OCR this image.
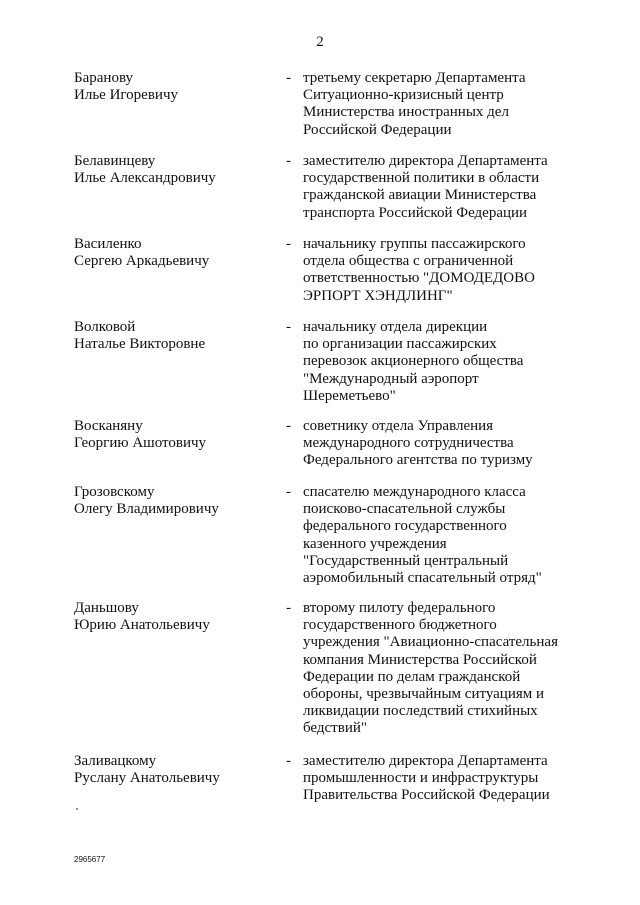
2
Баранову
Илье Игоревичу
- третьему секретарю Департамента
Ситуационно-кризисный центр
Министерства иностранных дел
Российской Федерации
Белавинцеву
Илье Александровичу
- заместителю директора Департамента
государственной политики в области
гражданской авиации Министерства
транспорта Российской Федерации
Василенко
Сергею Аркадьевичу
- начальнику группы пассажирского
отдела общества с ограниченной
ответственностью "ДОМОДЕДОВО
ЭРПОРТ ХЭНДЛИНГ"
Волковой
Наталье Викторовне
- начальнику отдела дирекции
по организации пассажирских
перевозок акционерного общества
"Международный аэропорт
Шереметьево"
Восканяну
Георгию Ашотовичу
- советнику отдела Управления
международного сотрудничества
Федерального агентства по туризму
Грозовскому
Олегу Владимировичу
- спасателю международного класса
поисково-спасательной службы
федерального государственного
казенного учреждения
"Государственный центральный
аэромобильный спасательный отряд"
Даньшову
Юрию Анатольевичу
- второму пилоту федерального
государственного бюджетного
учреждения "Авиационно-спасательная
компания Министерства Российской
Федерации по делам гражданской
обороны, чрезвычайным ситуациям и
ликвидации последствий стихийных
бедствий"
Заливацкому
Руслану Анатольевичу
- заместителю директора Департамента
промышленности и инфраструктуры
Правительства Российской Федерации
2965677
